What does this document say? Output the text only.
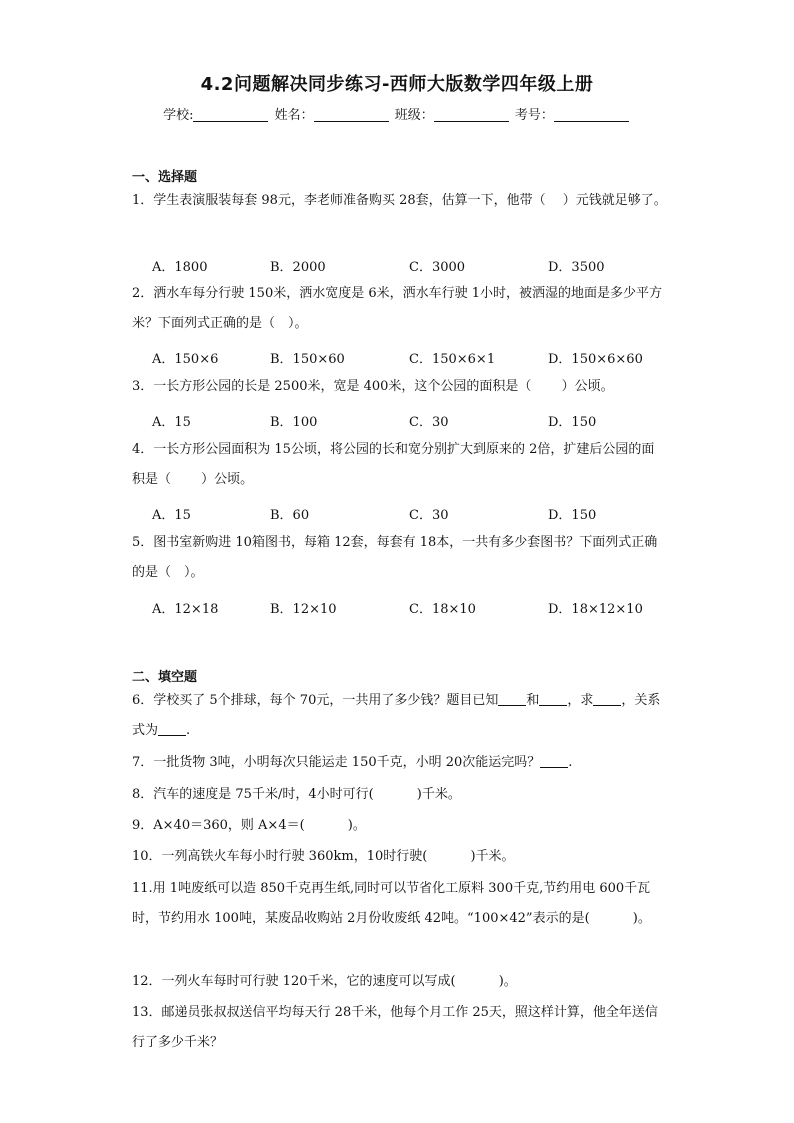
4.2问题解决同步练习-西师大版数学四年级上册
学校:	姓名：	班级：	考号：
一、选择题
1．学生表演服装每套 98元，李老师准备购买 28套，估算一下，他带（　 ）元钱就足够了。
A．1800	B．2000	C．3000	D．3500
2．洒水车每分行驶 150米，洒水宽度是 6米，洒水车行驶 1小时，被洒湿的地面是多少平方米？下面列式正确的是（　）。
A．150×6	B．150×60	C．150×6×1	D．150×6×60
3．一长方形公园的长是 2500米，宽是 400米，这个公园的面积是（　　 ）公顷。
A．15	B．100	C．30	D．150
4．一长方形公园面积为 15公顷，将公园的长和宽分别扩大到原来的 2倍，扩建后公园的面积是（　　 ）公顷。
A．15	B．60	C．30	D．150
5．图书室新购进 10箱图书，每箱 12套，每套有 18本，一共有多少套图书？下面列式正确的是（　）。
A．12×18	B．12×10	C．18×10	D．18×12×10
二、填空题
6．学校买了 5个排球，每个 70元，一共用了多少钱？题目已知 和 ，求 ，关系式为 .
7．一批货物 3吨，小明每次只能运走 150千克，小明 20次能运完吗？ .
8．汽车的速度是 75千米/时，4小时可行(　　　 )千米。
9．A×40＝360，则 A×4＝(　　　 )。
10．一列高铁火车每小时行驶 360km，10时行驶(　　　 )千米。
11.用 1吨废纸可以造 850千克再生纸,同时可以节省化工原料 300千克,节约用电 600千瓦时，节约用水 100吨，某废品收购站 2月份收废纸 42吨。“100×42”表示的是(　　　 )。
12．一列火车每时可行驶 120千米，它的速度可以写成(　　　 )。
13．邮递员张叔叔送信平均每天行 28千米，他每个月工作 25天，照这样计算，他全年送信行了多少千米？
